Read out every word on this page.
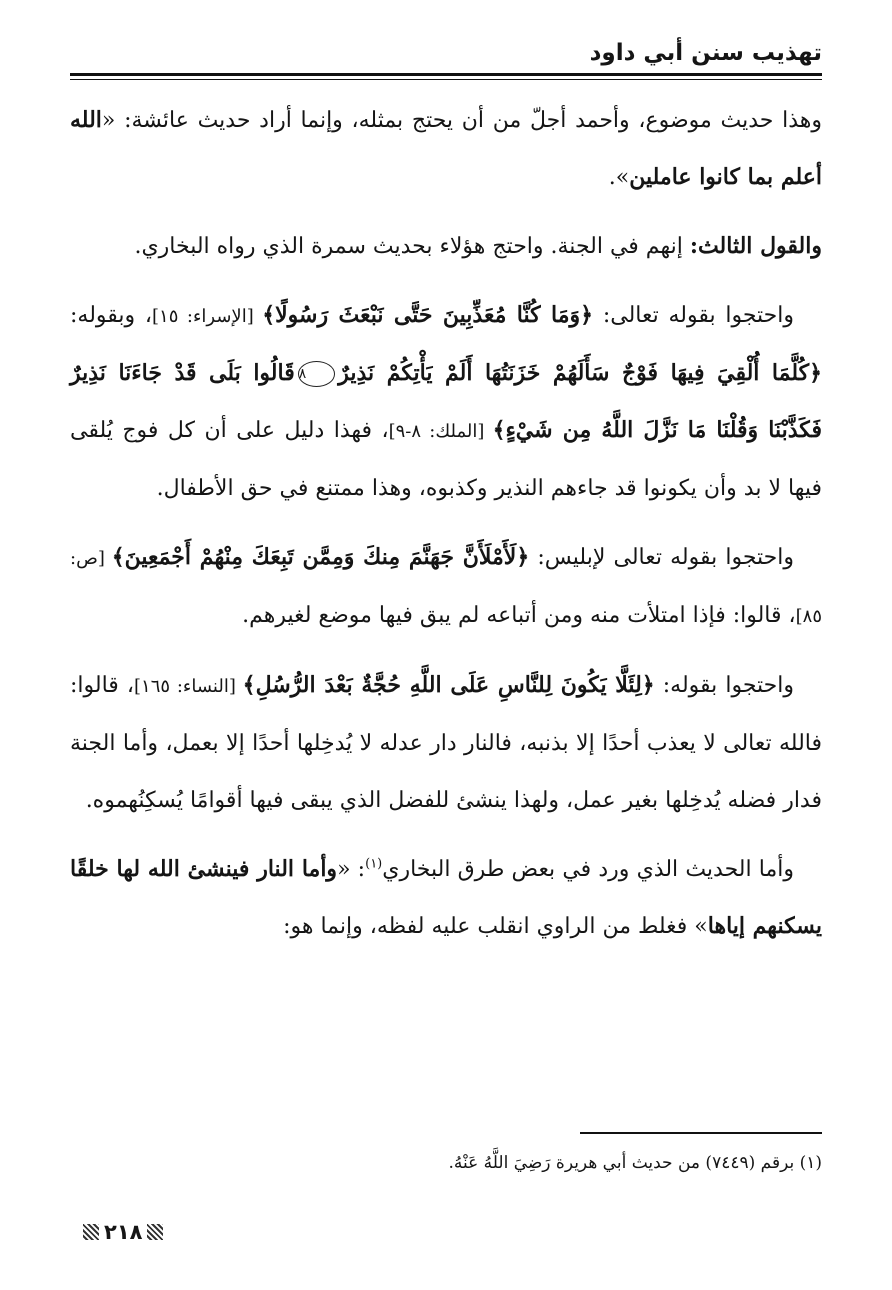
تهذيب سنن أبي داود

وهذا حديث موضوع، وأحمد أجلّ من أن يحتج بمثله، وإنما أراد حديث عائشة: «الله أعلم بما كانوا عاملين».

والقول الثالث: إنهم في الجنة. واحتج هؤلاء بحديث سمرة الذي رواه البخاري.

واحتجوا بقوله تعالى: ﴿وَمَا كُنَّا مُعَذِّبِينَ حَتَّى نَبْعَثَ رَسُولًا﴾ [الإسراء: ١٥]، وبقوله: ﴿كُلَّمَا أُلْقِيَ فِيهَا فَوْجٌ سَأَلَهُمْ خَزَنَتُهَا أَلَمْ يَأْتِكُمْ نَذِيرٌ٨قَالُوا بَلَى قَدْ جَاءَنَا نَذِيرٌ فَكَذَّبْنَا وَقُلْنَا مَا نَزَّلَ اللَّهُ مِن شَيْءٍ﴾ [الملك: ٨-٩]، فهذا دليل على أن كل فوج يُلقى فيها لا بد وأن يكونوا قد جاءهم النذير وكذبوه، وهذا ممتنع في حق الأطفال.

واحتجوا بقوله تعالى لإبليس: ﴿لَأَمْلَأَنَّ جَهَنَّمَ مِنكَ وَمِمَّن تَبِعَكَ مِنْهُمْ أَجْمَعِينَ﴾ [ص: ٨٥]، قالوا: فإذا امتلأت منه ومن أتباعه لم يبق فيها موضع لغيرهم.

واحتجوا بقوله: ﴿لِئَلَّا يَكُونَ لِلنَّاسِ عَلَى اللَّهِ حُجَّةٌ بَعْدَ الرُّسُلِ﴾ [النساء: ١٦٥]، قالوا: فالله تعالى لا يعذب أحدًا إلا بذنبه، فالنار دار عدله لا يُدخِلها أحدًا إلا بعمل، وأما الجنة فدار فضله يُدخِلها بغير عمل، ولهذا ينشئ للفضل الذي يبقى فيها أقوامًا يُسكِنُهموه.

وأما الحديث الذي ورد في بعض طرق البخاري$^{(١)}$: «وأما النار فينشئ الله لها خلقًا يسكنهم إياها» فغلط من الراوي انقلب عليه لفظه، وإنما هو:

(١) برقم (٧٤٤٩) من حديث أبي هريرة رَضِيَ اللَّهُ عَنْهُ.
٢١٨
